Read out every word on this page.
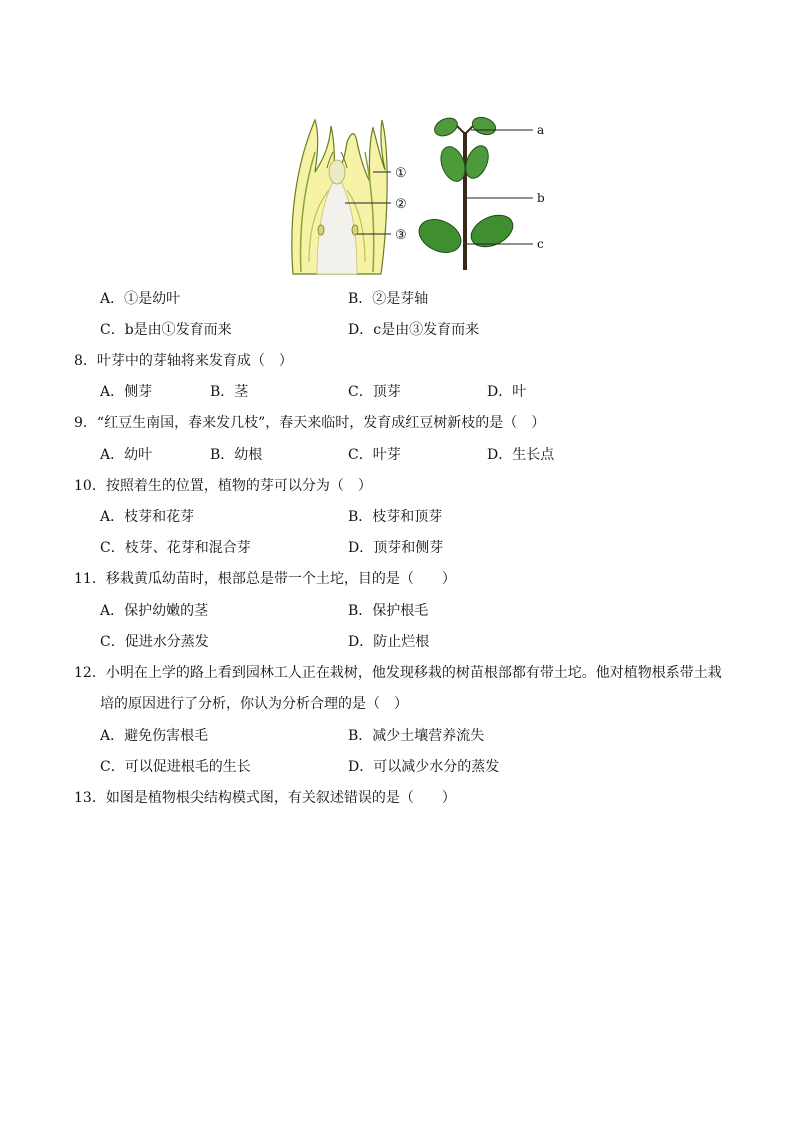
①
②
③
a
b
c
A．①是幼叶	B．②是芽轴
C．b是由①发育而来	D．c是由③发育而来
8．叶芽中的芽轴将来发育成（　）
A．侧芽	B．茎	C．顶芽	D．叶
9．“红豆生南国，春来发几枝”，春天来临时，发育成红豆树新枝的是（　）
A．幼叶	B．幼根	C．叶芽	D．生长点
10．按照着生的位置，植物的芽可以分为（　）
A．枝芽和花芽	B．枝芽和顶芽
C．枝芽、花芽和混合芽	D．顶芽和侧芽
11．移栽黄瓜幼苗时，根部总是带一个土坨，目的是（　　）
A．保护幼嫩的茎	B．保护根毛
C．促进水分蒸发	D．防止烂根
12．小明在上学的路上看到园林工人正在栽树，他发现移栽的树苗根部都有带土坨。他对植物根系带土栽
培的原因进行了分析，你认为分析合理的是（　）
A．避免伤害根毛	B．减少土壤营养流失
C．可以促进根毛的生长	D．可以减少水分的蒸发
13．如图是植物根尖结构模式图，有关叙述错误的是（　　）
